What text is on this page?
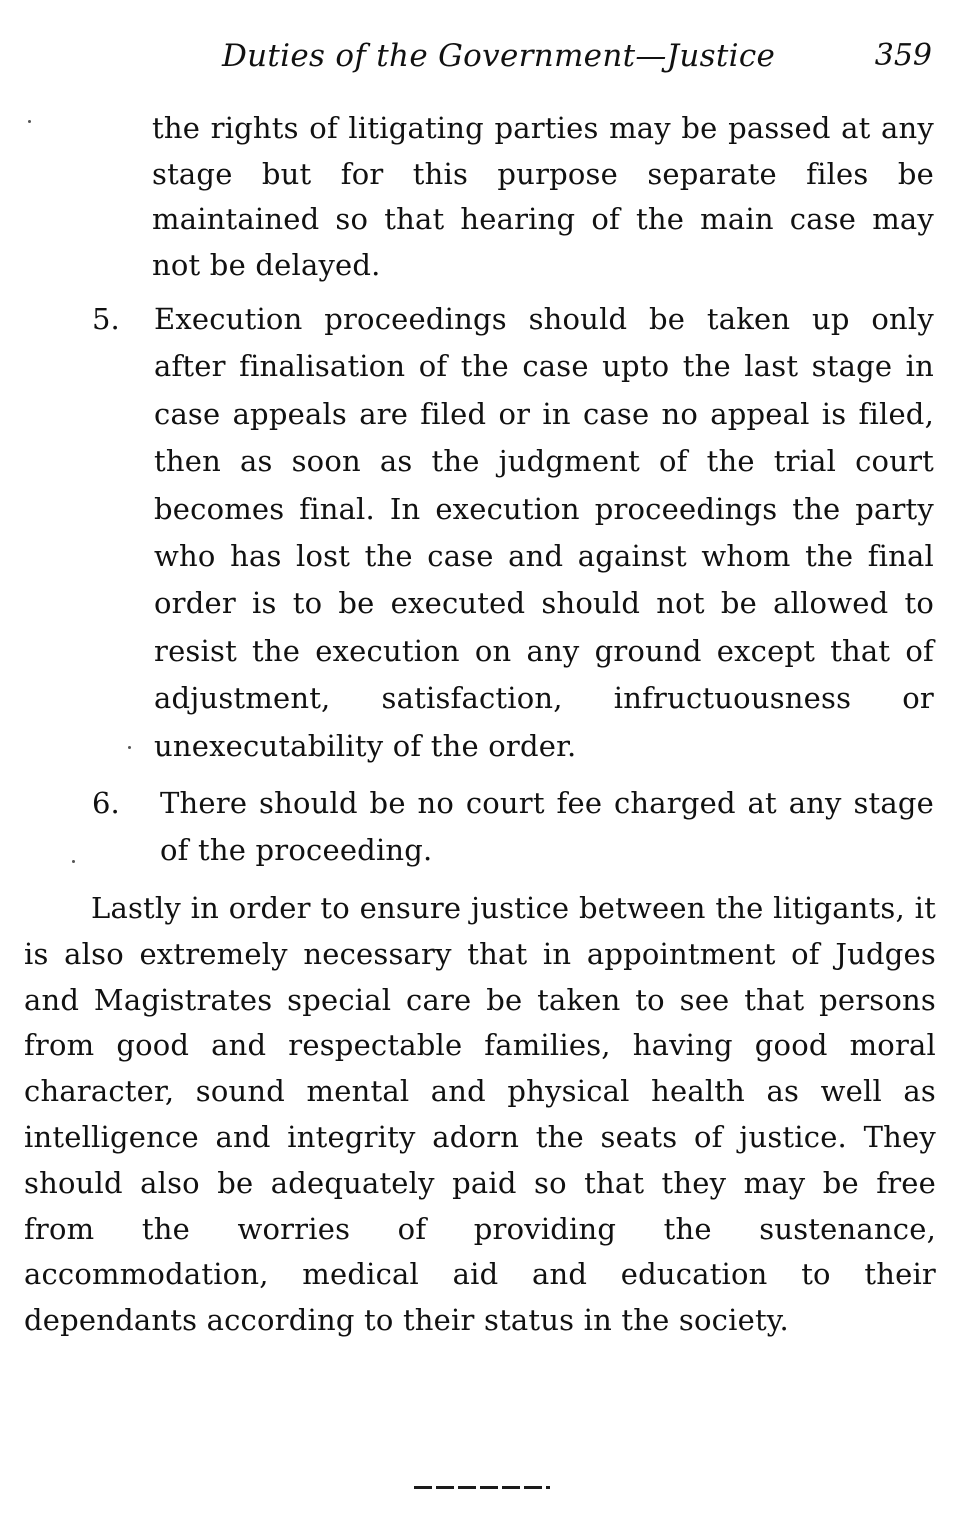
Duties of the Government—Justice	359

the rights of litigating parties may be passed at any stage but for this purpose separate files be maintained so that hearing of the main case may not be delayed.

5. Execution proceedings should be taken up only after finalisation of the case upto the last stage in case appeals are filed or in case no appeal is filed, then as soon as the judgment of the trial court becomes final. In execution proceedings the party who has lost the case and against whom the final order is to be executed should not be allowed to resist the execution on any ground except that of adjustment, satisfaction, infructuousness or unexecutability of the order.

6. There should be no court fee charged at any stage of the proceeding.

Lastly in order to ensure justice between the litigants, it is also extremely necessary that in appointment of Judges and Magistrates special care be taken to see that persons from good and respectable families, having good moral character, sound mental and physical health as well as intelligence and integrity adorn the seats of justice. They should also be adequately paid so that they may be free from the worries of providing the sustenance, accommodation, medical aid and education to their dependants according to their status in the society.
